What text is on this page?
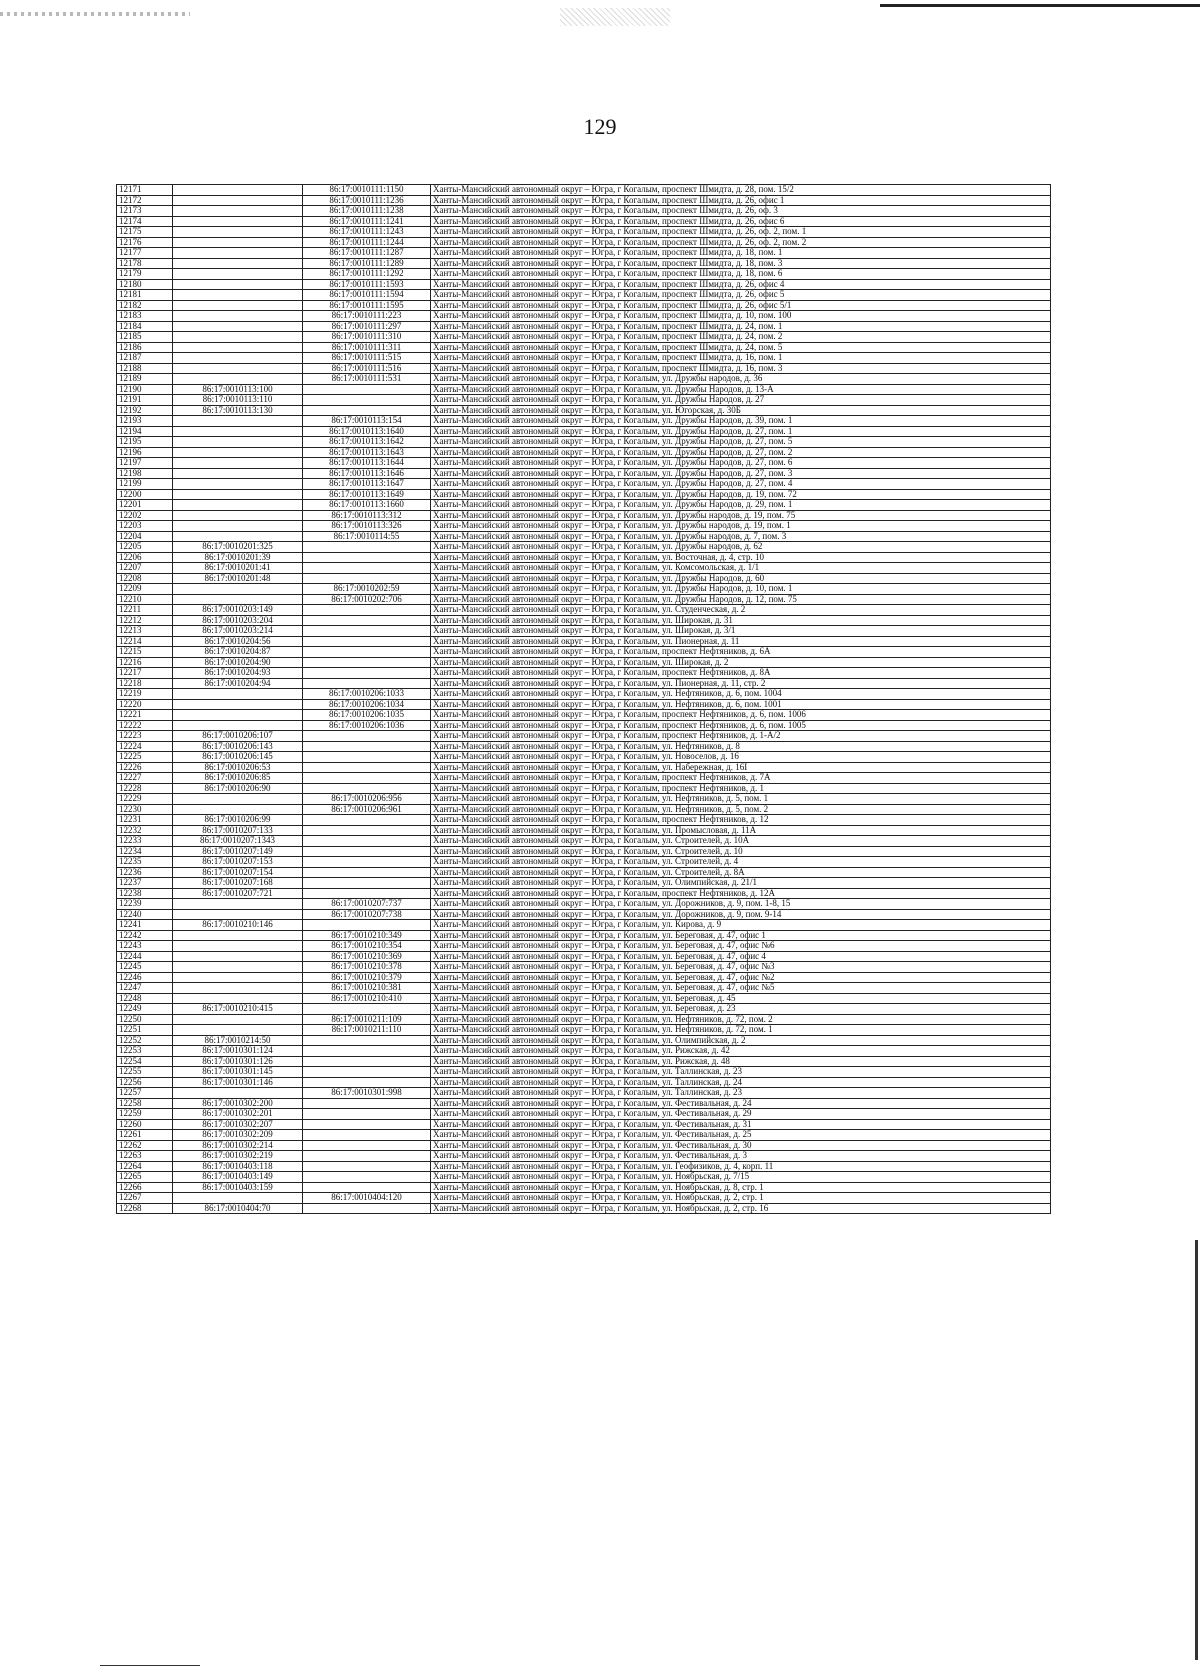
129
12171		86:17:0010111:1150	Ханты-Мансийский автономный округ – Югра, г Когалым, проспект Шмидта, д. 28, пом. 15/2
12172		86:17:0010111:1236	Ханты-Мансийский автономный округ – Югра, г Когалым, проспект Шмидта, д. 26, офис 1
12173		86:17:0010111:1238	Ханты-Мансийский автономный округ – Югра, г Когалым, проспект Шмидта, д. 26, оф. 3
12174		86:17:0010111:1241	Ханты-Мансийский автономный округ – Югра, г Когалым, проспект Шмидта, д. 26, офис 6
12175		86:17:0010111:1243	Ханты-Мансийский автономный округ – Югра, г Когалым, проспект Шмидта, д. 26, оф. 2, пом. 1
12176		86:17:0010111:1244	Ханты-Мансийский автономный округ – Югра, г Когалым, проспект Шмидта, д. 26, оф. 2, пом. 2
12177		86:17:0010111:1287	Ханты-Мансийский автономный округ – Югра, г Когалым, проспект Шмидта, д. 18, пом. 1
12178		86:17:0010111:1289	Ханты-Мансийский автономный округ – Югра, г Когалым, проспект Шмидта, д. 18, пом. 3
12179		86:17:0010111:1292	Ханты-Мансийский автономный округ – Югра, г Когалым, проспект Шмидта, д. 18, пом. 6
12180		86:17:0010111:1593	Ханты-Мансийский автономный округ – Югра, г Когалым, проспект Шмидта, д. 26, офис 4
12181		86:17:0010111:1594	Ханты-Мансийский автономный округ – Югра, г Когалым, проспект Шмидта, д. 26, офис 5
12182		86:17:0010111:1595	Ханты-Мансийский автономный округ – Югра, г Когалым, проспект Шмидта, д. 26, офис 5/1
12183		86:17:0010111:223	Ханты-Мансийский автономный округ – Югра, г Когалым, проспект Шмидта, д. 10, пом. 100
12184		86:17:0010111:297	Ханты-Мансийский автономный округ – Югра, г Когалым, проспект Шмидта, д. 24, пом. 1
12185		86:17:0010111:310	Ханты-Мансийский автономный округ – Югра, г Когалым, проспект Шмидта, д. 24, пом. 2
12186		86:17:0010111:311	Ханты-Мансийский автономный округ – Югра, г Когалым, проспект Шмидта, д. 24, пом. 5
12187		86:17:0010111:515	Ханты-Мансийский автономный округ – Югра, г Когалым, проспект Шмидта, д. 16, пом. 1
12188		86:17:0010111:516	Ханты-Мансийский автономный округ – Югра, г Когалым, проспект Шмидта, д. 16, пом. 3
12189		86:17:0010111:531	Ханты-Мансийский автономный округ – Югра, г Когалым, ул. Дружбы народов, д. 36
12190	86:17:0010113:100		Ханты-Мансийский автономный округ – Югра, г Когалым, ул. Дружбы Народов, д. 13-А
12191	86:17:0010113:110		Ханты-Мансийский автономный округ – Югра, г Когалым, ул. Дружбы Народов, д. 27
12192	86:17:0010113:130		Ханты-Мансийский автономный округ – Югра, г Когалым, ул. Югорская, д. 30Б
12193		86:17:0010113:154	Ханты-Мансийский автономный округ – Югра, г Когалым, ул. Дружбы Народов, д. 39, пом. 1
12194		86:17:0010113:1640	Ханты-Мансийский автономный округ – Югра, г Когалым, ул. Дружбы Народов, д. 27, пом. 1
12195		86:17:0010113:1642	Ханты-Мансийский автономный округ – Югра, г Когалым, ул. Дружбы Народов, д. 27, пом. 5
12196		86:17:0010113:1643	Ханты-Мансийский автономный округ – Югра, г Когалым, ул. Дружбы Народов, д. 27, пом. 2
12197		86:17:0010113:1644	Ханты-Мансийский автономный округ – Югра, г Когалым, ул. Дружбы Народов, д. 27, пом. 6
12198		86:17:0010113:1646	Ханты-Мансийский автономный округ – Югра, г Когалым, ул. Дружбы Народов, д. 27, пом. 3
12199		86:17:0010113:1647	Ханты-Мансийский автономный округ – Югра, г Когалым, ул. Дружбы Народов, д. 27, пом. 4
12200		86:17:0010113:1649	Ханты-Мансийский автономный округ – Югра, г Когалым, ул. Дружбы Народов, д. 19, пом. 72
12201		86:17:0010113:1660	Ханты-Мансийский автономный округ – Югра, г Когалым, ул. Дружбы Народов, д. 29, пом. 1
12202		86:17:0010113:312	Ханты-Мансийский автономный округ – Югра, г Когалым, ул. Дружбы народов, д. 19, пом. 75
12203		86:17:0010113:326	Ханты-Мансийский автономный округ – Югра, г Когалым, ул. Дружбы народов, д. 19, пом. 1
12204		86:17:0010114:55	Ханты-Мансийский автономный округ – Югра, г Когалым, ул. Дружбы народов, д. 7, пом. 3
12205	86:17:0010201:325		Ханты-Мансийский автономный округ – Югра, г Когалым, ул. Дружбы народов, д. 62
12206	86:17:0010201:39		Ханты-Мансийский автономный округ – Югра, г Когалым, ул. Восточная, д. 4, стр. 10
12207	86:17:0010201:41		Ханты-Мансийский автономный округ – Югра, г Когалым, ул. Комсомольская, д. 1/1
12208	86:17:0010201:48		Ханты-Мансийский автономный округ – Югра, г Когалым, ул. Дружбы Народов, д. 60
12209		86:17:0010202:59	Ханты-Мансийский автономный округ – Югра, г Когалым, ул. Дружбы Народов, д. 10, пом. 1
12210		86:17:0010202:706	Ханты-Мансийский автономный округ – Югра, г Когалым, ул. Дружбы Народов, д. 12, пом. 75
12211	86:17:0010203:149		Ханты-Мансийский автономный округ – Югра, г Когалым, ул. Студенческая, д. 2
12212	86:17:0010203:204		Ханты-Мансийский автономный округ – Югра, г Когалым, ул. Широкая, д. 31
12213	86:17:0010203:214		Ханты-Мансийский автономный округ – Югра, г Когалым, ул. Широкая, д. 3/1
12214	86:17:0010204:56		Ханты-Мансийский автономный округ – Югра, г Когалым, ул. Пионерная, д. 11
12215	86:17:0010204:87		Ханты-Мансийский автономный округ – Югра, г Когалым, проспект Нефтяников, д. 6А
12216	86:17:0010204:90		Ханты-Мансийский автономный округ – Югра, г Когалым, ул. Широкая, д. 2
12217	86:17:0010204:93		Ханты-Мансийский автономный округ – Югра, г Когалым, проспект Нефтяников, д. 8А
12218	86:17:0010204:94		Ханты-Мансийский автономный округ – Югра, г Когалым, ул. Пионерная, д. 11, стр. 2
12219		86:17:0010206:1033	Ханты-Мансийский автономный округ – Югра, г Когалым, ул. Нефтяников, д. 6, пом. 1004
12220		86:17:0010206:1034	Ханты-Мансийский автономный округ – Югра, г Когалым, ул. Нефтяников, д. 6, пом. 1001
12221		86:17:0010206:1035	Ханты-Мансийский автономный округ – Югра, г Когалым, проспект Нефтяников, д. 6, пом. 1006
12222		86:17:0010206:1036	Ханты-Мансийский автономный округ – Югра, г Когалым, проспект Нефтяников, д. 6, пом. 1005
12223	86:17:0010206:107		Ханты-Мансийский автономный округ – Югра, г Когалым, проспект Нефтяников, д. 1-А/2
12224	86:17:0010206:143		Ханты-Мансийский автономный округ – Югра, г Когалым, ул. Нефтяников, д. 8
12225	86:17:0010206:145		Ханты-Мансийский автономный округ – Югра, г Когалым, ул. Новоселов, д. 16
12226	86:17:0010206:53		Ханты-Мансийский автономный округ – Югра, г Когалым, ул. Набережная, д. 16I
12227	86:17:0010206:85		Ханты-Мансийский автономный округ – Югра, г Когалым, проспект Нефтяников, д. 7А
12228	86:17:0010206:90		Ханты-Мансийский автономный округ – Югра, г Когалым, проспект Нефтяников, д. 1
12229		86:17:0010206:956	Ханты-Мансийский автономный округ – Югра, г Когалым, ул. Нефтяников, д. 5, пом. 1
12230		86:17:0010206:961	Ханты-Мансийский автономный округ – Югра, г Когалым, ул. Нефтяников, д. 5, пом. 2
12231	86:17:0010206:99		Ханты-Мансийский автономный округ – Югра, г Когалым, проспект Нефтяников, д. 12
12232	86:17:0010207:133		Ханты-Мансийский автономный округ – Югра, г Когалым, ул. Промысловая, д. 11А
12233	86:17:0010207:1343		Ханты-Мансийский автономный округ – Югра, г Когалым, ул. Строителей, д. 10А
12234	86:17:0010207:149		Ханты-Мансийский автономный округ – Югра, г Когалым, ул. Строителей, д. 10
12235	86:17:0010207:153		Ханты-Мансийский автономный округ – Югра, г Когалым, ул. Строителей, д. 4
12236	86:17:0010207:154		Ханты-Мансийский автономный округ – Югра, г Когалым, ул. Строителей, д. 8А
12237	86:17:0010207:168		Ханты-Мансийский автономный округ – Югра, г Когалым, ул. Олимпийская, д. 21/1
12238	86:17:0010207:721		Ханты-Мансийский автономный округ – Югра, г Когалым, проспект Нефтяников, д. 12А
12239		86:17:0010207:737	Ханты-Мансийский автономный округ – Югра, г Когалым, ул. Дорожников, д. 9, пом. 1-8, 15
12240		86:17:0010207:738	Ханты-Мансийский автономный округ – Югра, г Когалым, ул. Дорожников, д. 9, пом. 9-14
12241	86:17:0010210:146		Ханты-Мансийский автономный округ – Югра, г Когалым, ул. Кирова, д. 9
12242		86:17:0010210:349	Ханты-Мансийский автономный округ – Югра, г Когалым, ул. Береговая, д. 47, офис 1
12243		86:17:0010210:354	Ханты-Мансийский автономный округ – Югра, г Когалым, ул. Береговая, д. 47, офис №6
12244		86:17:0010210:369	Ханты-Мансийский автономный округ – Югра, г Когалым, ул. Береговая, д. 47, офис 4
12245		86:17:0010210:378	Ханты-Мансийский автономный округ – Югра, г Когалым, ул. Береговая, д. 47, офис №3
12246		86:17:0010210:379	Ханты-Мансийский автономный округ – Югра, г Когалым, ул. Береговая, д. 47, офис №2
12247		86:17:0010210:381	Ханты-Мансийский автономный округ – Югра, г Когалым, ул. Береговая, д. 47, офис №5
12248		86:17:0010210:410	Ханты-Мансийский автономный округ – Югра, г Когалым, ул. Береговая, д. 45
12249	86:17:0010210:415		Ханты-Мансийский автономный округ – Югра, г Когалым, ул. Береговая, д. 23
12250		86:17:0010211:109	Ханты-Мансийский автономный округ – Югра, г Когалым, ул. Нефтяников, д. 72, пом. 2
12251		86:17:0010211:110	Ханты-Мансийский автономный округ – Югра, г Когалым, ул. Нефтяников, д. 72, пом. 1
12252	86:17:0010214:50		Ханты-Мансийский автономный округ – Югра, г Когалым, ул. Олимпийская, д. 2
12253	86:17:0010301:124		Ханты-Мансийский автономный округ – Югра, г Когалым, ул. Рижская, д. 42
12254	86:17:0010301:126		Ханты-Мансийский автономный округ – Югра, г Когалым, ул. Рижская, д. 48
12255	86:17:0010301:145		Ханты-Мансийский автономный округ – Югра, г Когалым, ул. Таллинская, д. 23
12256	86:17:0010301:146		Ханты-Мансийский автономный округ – Югра, г Когалым, ул. Таллинская, д. 24
12257		86:17:0010301:998	Ханты-Мансийский автономный округ – Югра, г Когалым, ул. Таллинская, д. 23
12258	86:17:0010302:200		Ханты-Мансийский автономный округ – Югра, г Когалым, ул. Фестивальная, д. 24
12259	86:17:0010302:201		Ханты-Мансийский автономный округ – Югра, г Когалым, ул. Фестивальная, д. 29
12260	86:17:0010302:207		Ханты-Мансийский автономный округ – Югра, г Когалым, ул. Фестивальная, д. 31
12261	86:17:0010302:209		Ханты-Мансийский автономный округ – Югра, г Когалым, ул. Фестивальная, д. 25
12262	86:17:0010302:214		Ханты-Мансийский автономный округ – Югра, г Когалым, ул. Фестивальная, д. 30
12263	86:17:0010302:219		Ханты-Мансийский автономный округ – Югра, г Когалым, ул. Фестивальная, д. 3
12264	86:17:0010403:118		Ханты-Мансийский автономный округ – Югра, г Когалым, ул. Геофизиков, д. 4, корп. 11
12265	86:17:0010403:149		Ханты-Мансийский автономный округ – Югра, г Когалым, ул. Ноябрьская, д. 7/15
12266	86:17:0010403:159		Ханты-Мансийский автономный округ – Югра, г Когалым, ул. Ноябрьская, д. 8, стр. 1
12267		86:17:0010404:120	Ханты-Мансийский автономный округ – Югра, г Когалым, ул. Ноябрьская, д. 2, стр. 1
12268	86:17:0010404:70		Ханты-Мансийский автономный округ – Югра, г Когалым, ул. Ноябрьская, д. 2, стр. 16
